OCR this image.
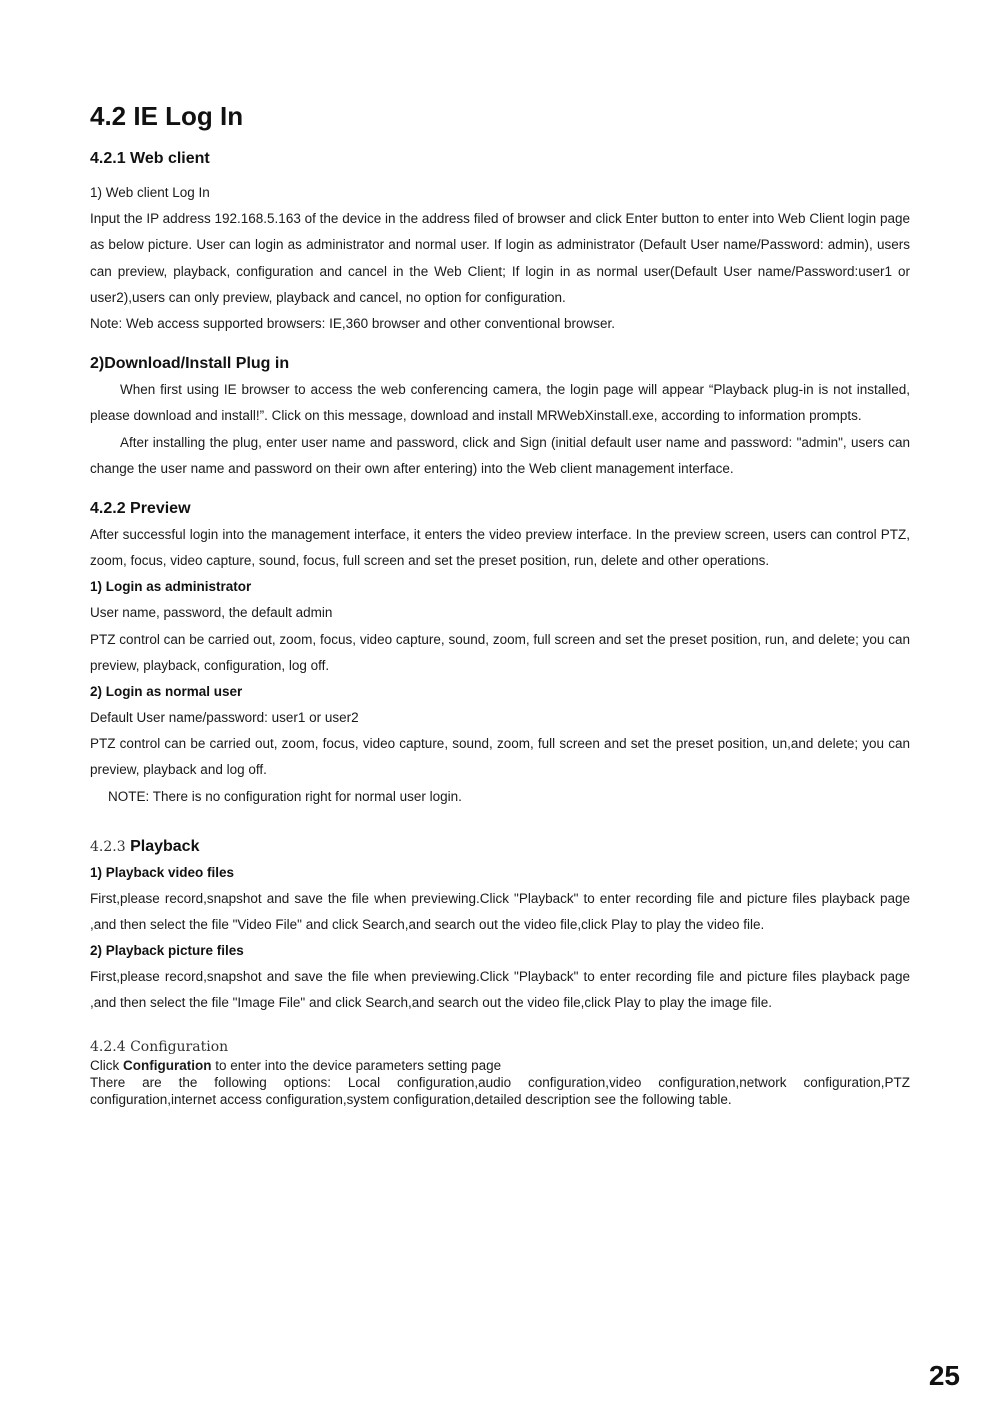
4.2 IE Log In
4.2.1 Web client

1) Web client Log In

Input the IP address 192.168.5.163 of the device in the address filed of browser and click Enter button to enter into Web Client login page as below picture. User can login as administrator and normal user. If login as administrator (Default User name/Password: admin), users can preview, playback, configuration and cancel in the Web Client; If login in as normal user(Default User name/Password:user1 or user2),users can only preview, playback and cancel, no option for configuration.

Note: Web access supported browsers: IE,360 browser and other conventional browser.

2)Download/Install Plug in

When first using IE browser to access the web conferencing camera, the login page will appear “Playback plug-in is not installed, please download and install!”. Click on this message, download and install MRWebXinstall.exe, according to information prompts.

After installing the plug, enter user name and password, click and Sign (initial default user name and password: "admin", users can change the user name and password on their own after entering) into the Web client management interface.

4.2.2 Preview

After successful login into the management interface, it enters the video preview interface. In the preview screen, users can control PTZ, zoom, focus, video capture, sound, focus, full screen and set the preset position, run, delete and other operations.

1) Login as administrator

User name, password, the default admin

PTZ control can be carried out, zoom, focus, video capture, sound, zoom, full screen and set the preset position, run, and delete; you can preview, playback, configuration, log off.

2) Login as normal user

Default User name/password: user1 or user2

PTZ control can be carried out, zoom, focus, video capture, sound, zoom, full screen and set the preset position, un,and delete; you can preview, playback and log off.

NOTE: There is no configuration right for normal user login.

4.2.3 Playback
1) Playback video files

First,please record,snapshot and save the file when previewing.Click "Playback" to enter recording file and picture files playback page ,and then select the file "Video File" and click Search,and search out the video file,click Play to play the video file.

2) Playback picture files

First,please record,snapshot and save the file when previewing.Click "Playback" to enter recording file and picture files playback page ,and then select the file "Image File" and click Search,and search out the video file,click Play to play the image file.

4.2.4 Configuration

Click Configuration to enter into the device parameters setting page

There are the following options: Local configuration,audio configuration,video configuration,network configuration,PTZ configuration,internet access configuration,system configuration,detailed description see the following table.

25
